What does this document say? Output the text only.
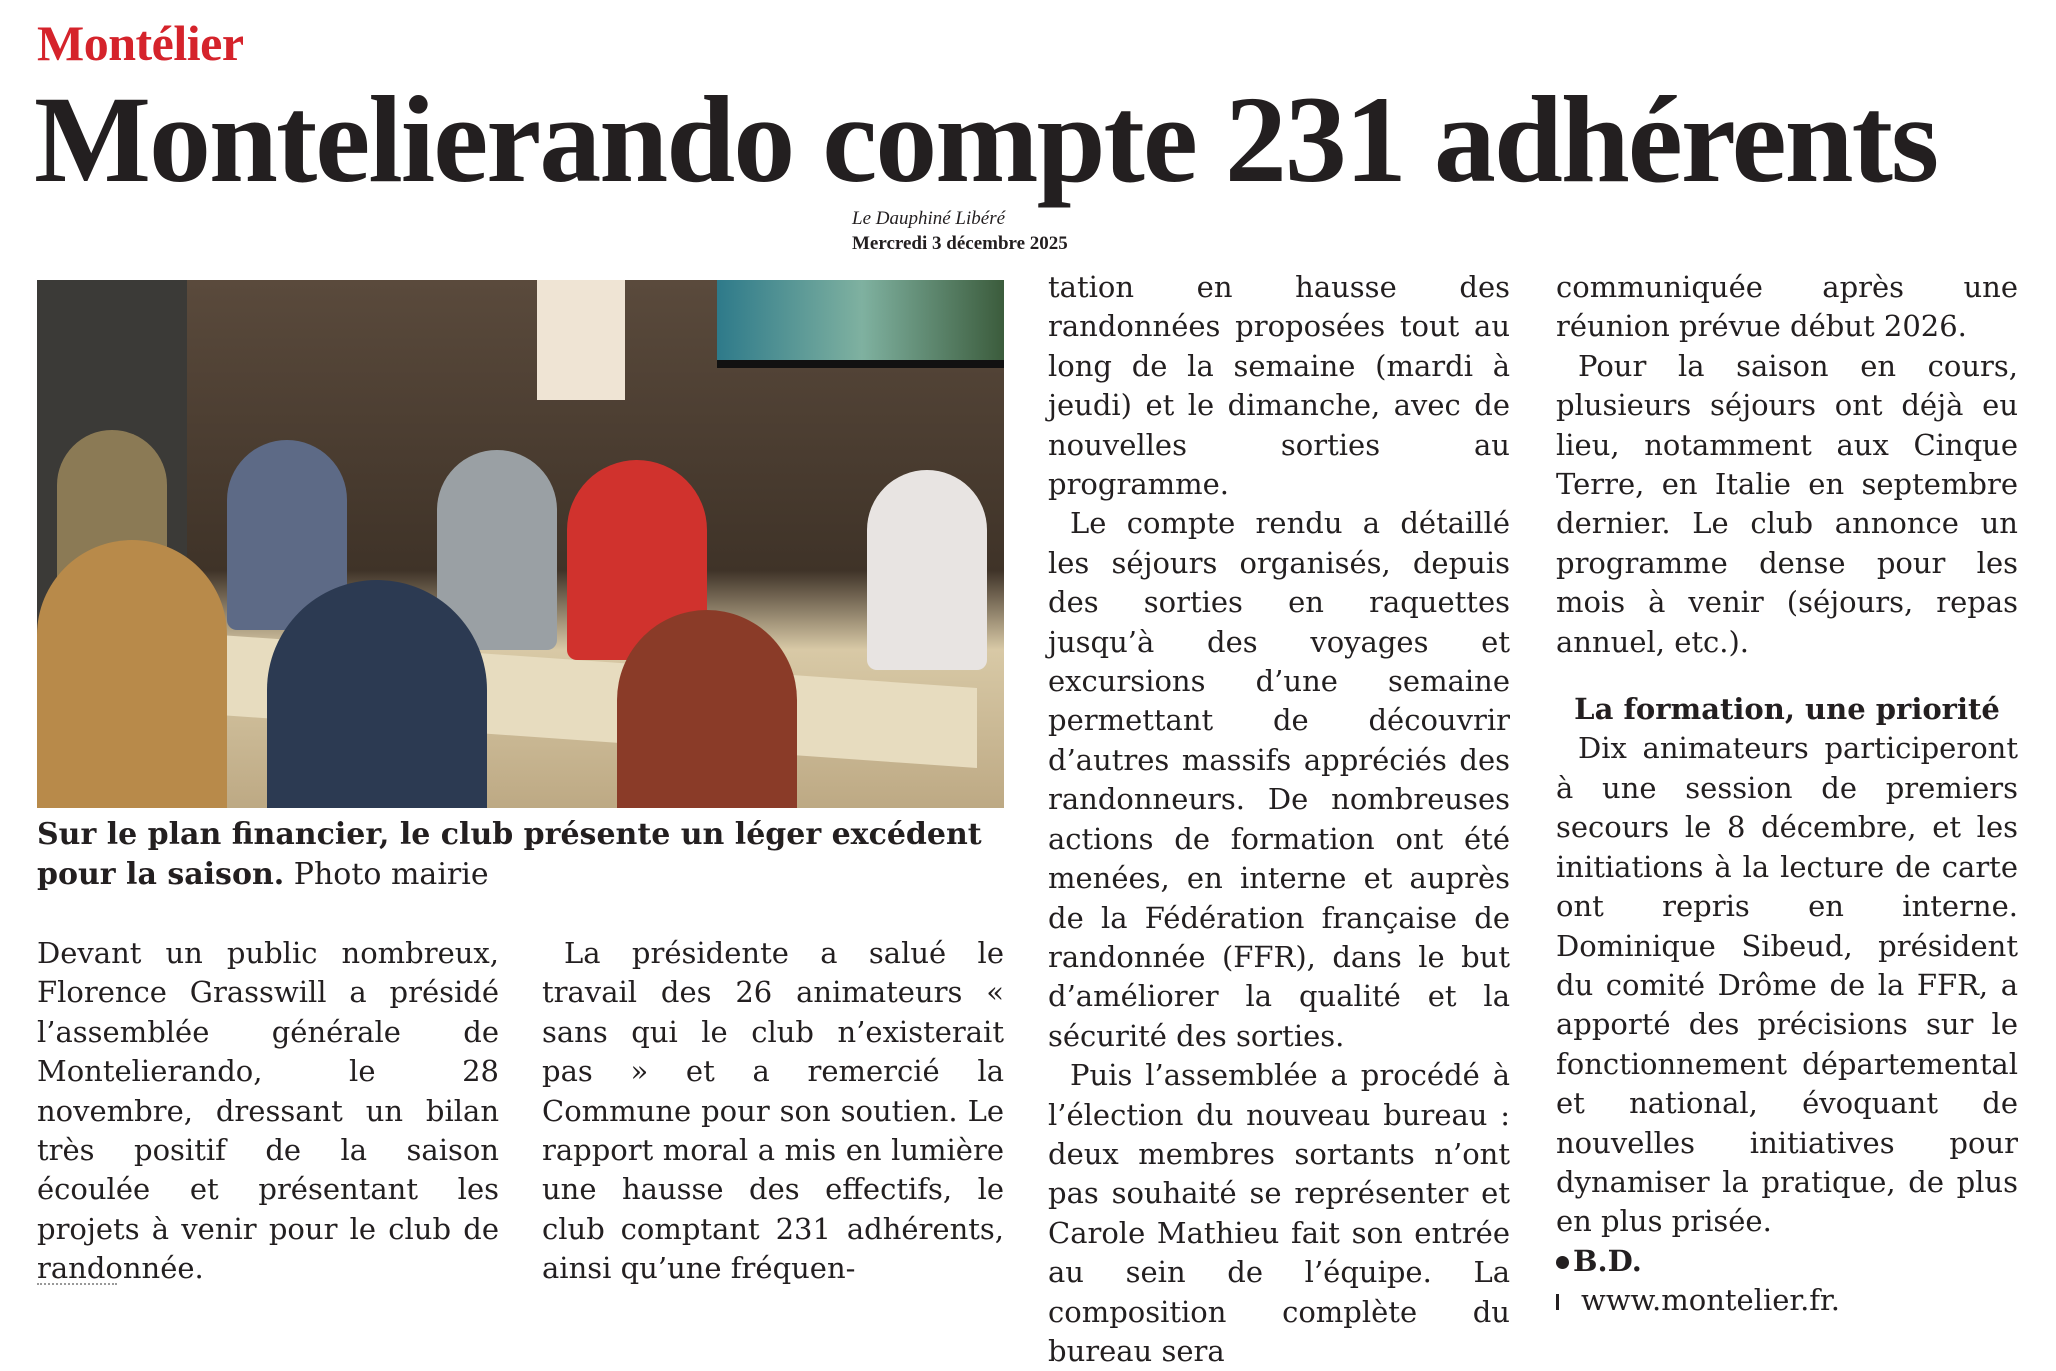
Montélier
Montelierando compte 231 adhérents
Le Dauphiné Libéré
Mercredi 3 décembre 2025
Sur le plan financier, le club présente un léger excédent pour la saison. Photo mairie

Devant un public nombreux, Florence Grasswill a présidé l’assemblée générale de Montelierando, le 28 novembre, dressant un bilan très positif de la saison écoulée et présentant les projets à venir pour le club de randonnée.

La présidente a salué le travail des 26 animateurs « sans qui le club n’existerait pas » et a remercié la Commune pour son soutien. Le rapport moral a mis en lumière une hausse des effectifs, le club comptant 231 adhérents, ainsi qu’une fréquen-

tation en hausse des randonnées proposées tout au long de la semaine (mardi à jeudi) et le dimanche, avec de nouvelles sorties au programme.

Le compte rendu a détaillé les séjours organisés, depuis des sorties en raquettes jusqu’à des voyages et excursions d’une semaine permettant de découvrir d’autres massifs appréciés des randonneurs. De nombreuses actions de formation ont été menées, en interne et auprès de la Fédération française de randonnée (FFR), dans le but d’améliorer la qualité et la sécurité des sorties.

Puis l’assemblée a procédé à l’élection du nouveau bureau : deux membres sortants n’ont pas souhaité se représenter et Carole Mathieu fait son entrée au sein de l’équipe. La composition complète du bureau sera

communiquée après une réunion prévue début 2026.

Pour la saison en cours, plusieurs séjours ont déjà eu lieu, notamment aux Cinque Terre, en Italie en septembre dernier. Le club annonce un programme dense pour les mois à venir (séjours, repas annuel, etc.).

La formation, une priorité

Dix animateurs participeront à une session de premiers secours le 8 décembre, et les initiations à la lecture de carte ont repris en interne. Dominique Sibeud, président du comité Drôme de la FFR, a apporté des précisions sur le fonctionnement départemental et national, évoquant de nouvelles initiatives pour dynamiser la pratique, de plus en plus prisée.

B.D.
www.montelier.fr.
